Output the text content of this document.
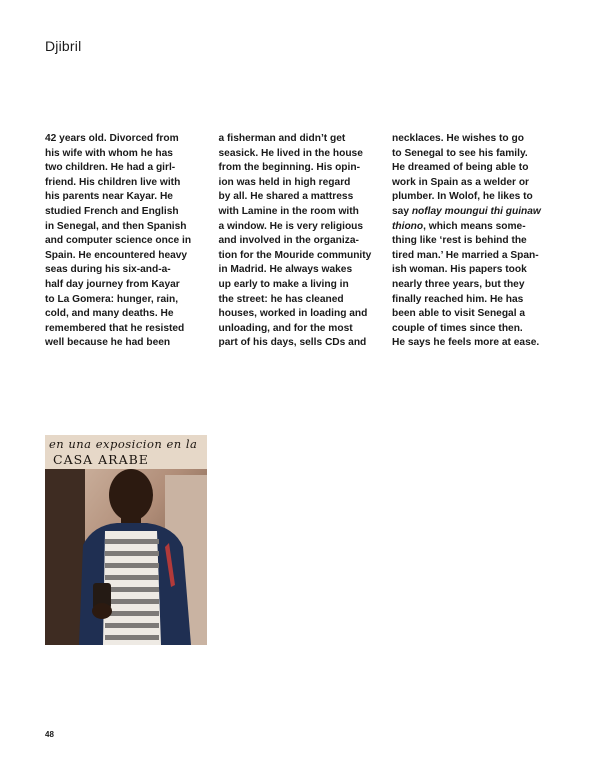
Djibril
42 years old. Divorced from
his wife with whom he has
two children. He had a girl-
friend. His children live with
his parents near Kayar. He
studied French and English
in Senegal, and then Spanish
and computer science once in
Spain. He encountered heavy
seas during his six-and-a-
half day journey from Kayar
to La Gomera: hunger, rain,
cold, and many deaths. He
remembered that he resisted
well because he had been
a fisherman and didn’t get
seasick. He lived in the house
from the beginning. His opin-
ion was held in high regard
by all. He shared a mattress
with Lamine in the room with
a window. He is very religious
and involved in the organiza-
tion for the Mouride community
in Madrid. He always wakes
up early to make a living in
the street: he has cleaned
houses, worked in loading and
unloading, and for the most
part of his days, sells CDs and
necklaces. He wishes to go
to Senegal to see his family.
He dreamed of being able to
work in Spain as a welder or
plumber. In Wolof, he likes to
say noflay moungui thi guinaw
thiono, which means some-
thing like ‘rest is behind the
tired man.’ He married a Span-
ish woman. His papers took
nearly three years, but they
finally reached him. He has
been able to visit Senegal a
couple of times since then.
He says he feels more at ease.
en una exposicion en la
CASA ARABE
48
